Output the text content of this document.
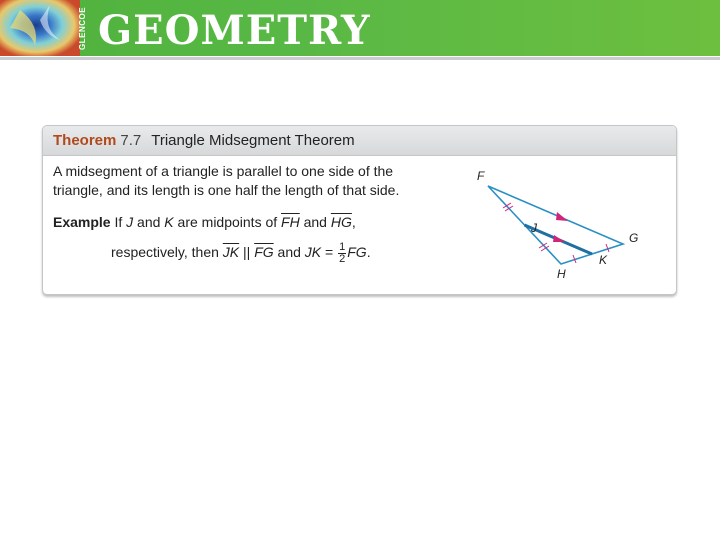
GLENCOE GEOMETRY
Theorem 7.7 Triangle Midsegment Theorem
A midsegment of a triangle is parallel to one side of the
triangle, and its length is one half the length of that side.
Example If J and K are midpoints of $\overline{FH}$ and $\overline{HG}$,
respectively, then $\overline{JK}$ || $\overline{FG}$ and JK = $\frac{1}{2}$ FG.
F
G
H
J
K
